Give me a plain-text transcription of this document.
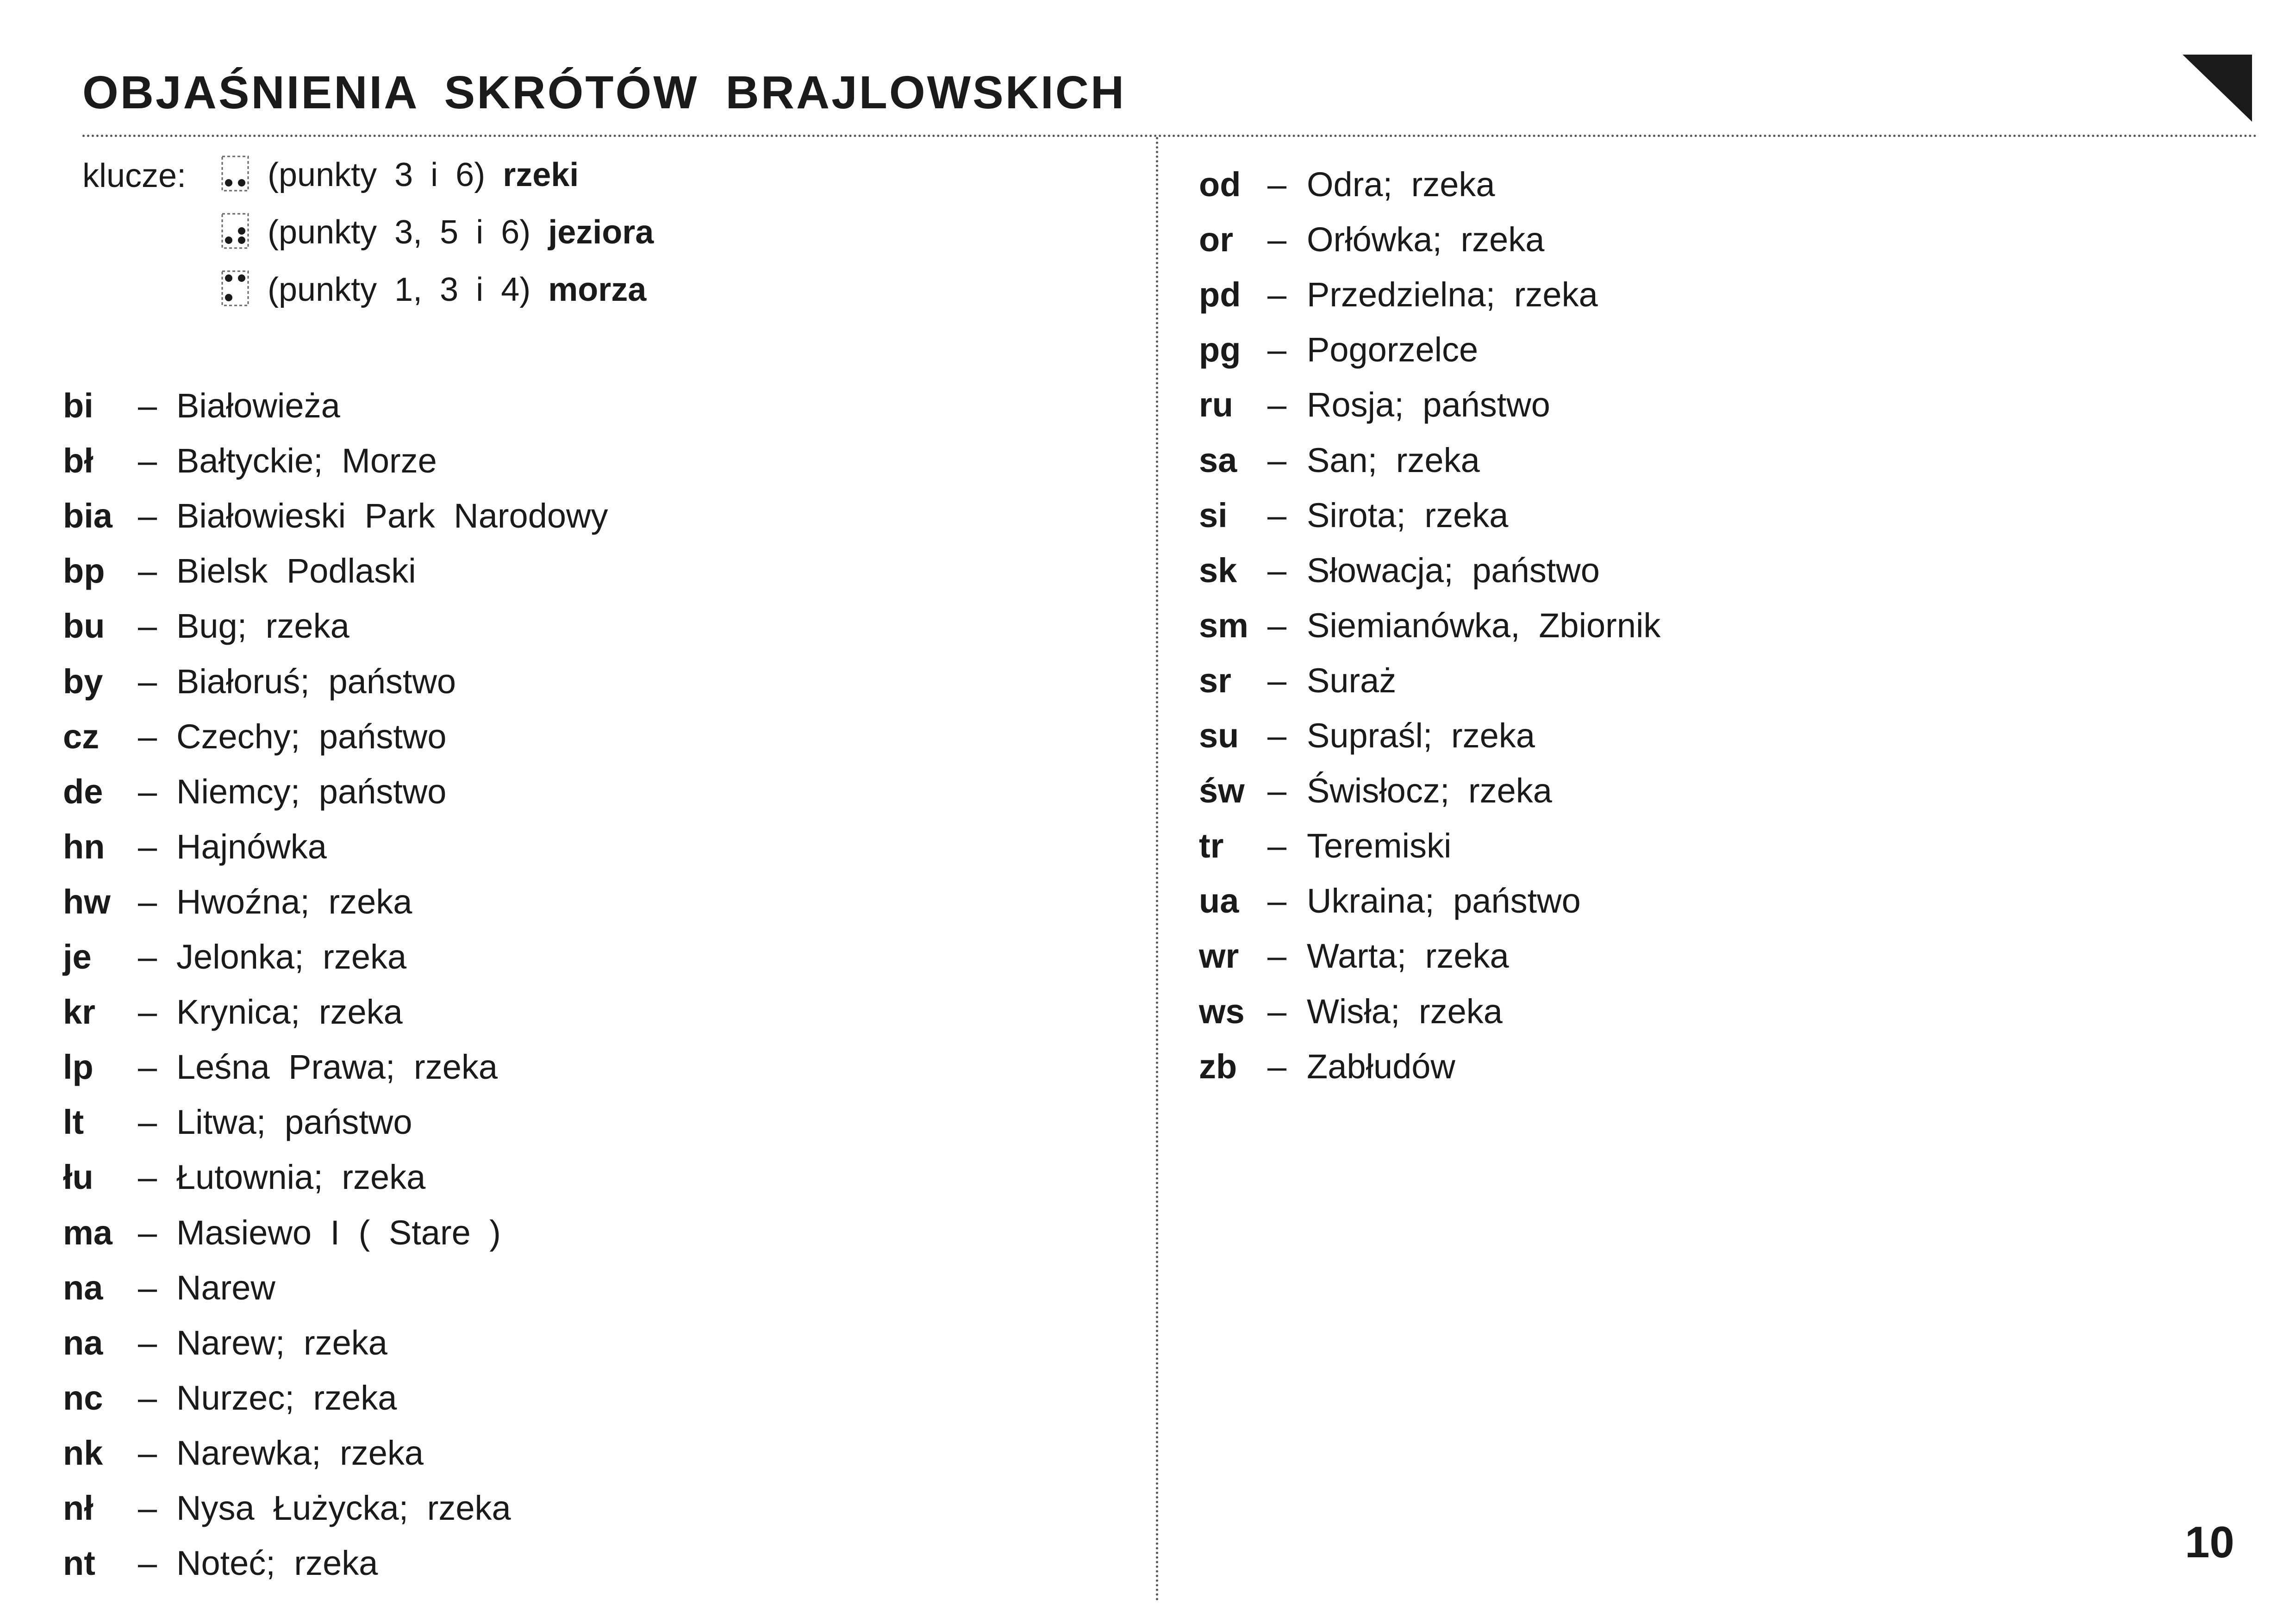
OBJAŚNIENIA SKRÓTÓW BRAJLOWSKICH
klucze: (punkty 3 i 6) rzeki
(punkty 3, 5 i 6) jeziora
(punkty 1, 3 i 4) morza
bi – Białowieża
bł – Bałtyckie; Morze
bia – Białowieski Park Narodowy
bp – Bielsk Podlaski
bu – Bug; rzeka
by – Białoruś; państwo
cz – Czechy; państwo
de – Niemcy; państwo
hn – Hajnówka
hw – Hwoźna; rzeka
je – Jelonka; rzeka
kr – Krynica; rzeka
lp – Leśna Prawa; rzeka
lt – Litwa; państwo
łu – Łutownia; rzeka
ma – Masiewo I ( Stare )
na – Narew
na – Narew; rzeka
nc – Nurzec; rzeka
nk – Narewka; rzeka
nł – Nysa Łużycka; rzeka
nt – Noteć; rzeka
od – Odra; rzeka
or – Orłówka; rzeka
pd – Przedzielna; rzeka
pg – Pogorzelce
ru – Rosja; państwo
sa – San; rzeka
si – Sirota; rzeka
sk – Słowacja; państwo
sm – Siemianówka, Zbiornik
sr – Suraż
su – Supraśl; rzeka
św – Świsłocz; rzeka
tr – Teremiski
ua – Ukraina; państwo
wr – Warta; rzeka
ws – Wisła; rzeka
zb – Zabłudów
10
